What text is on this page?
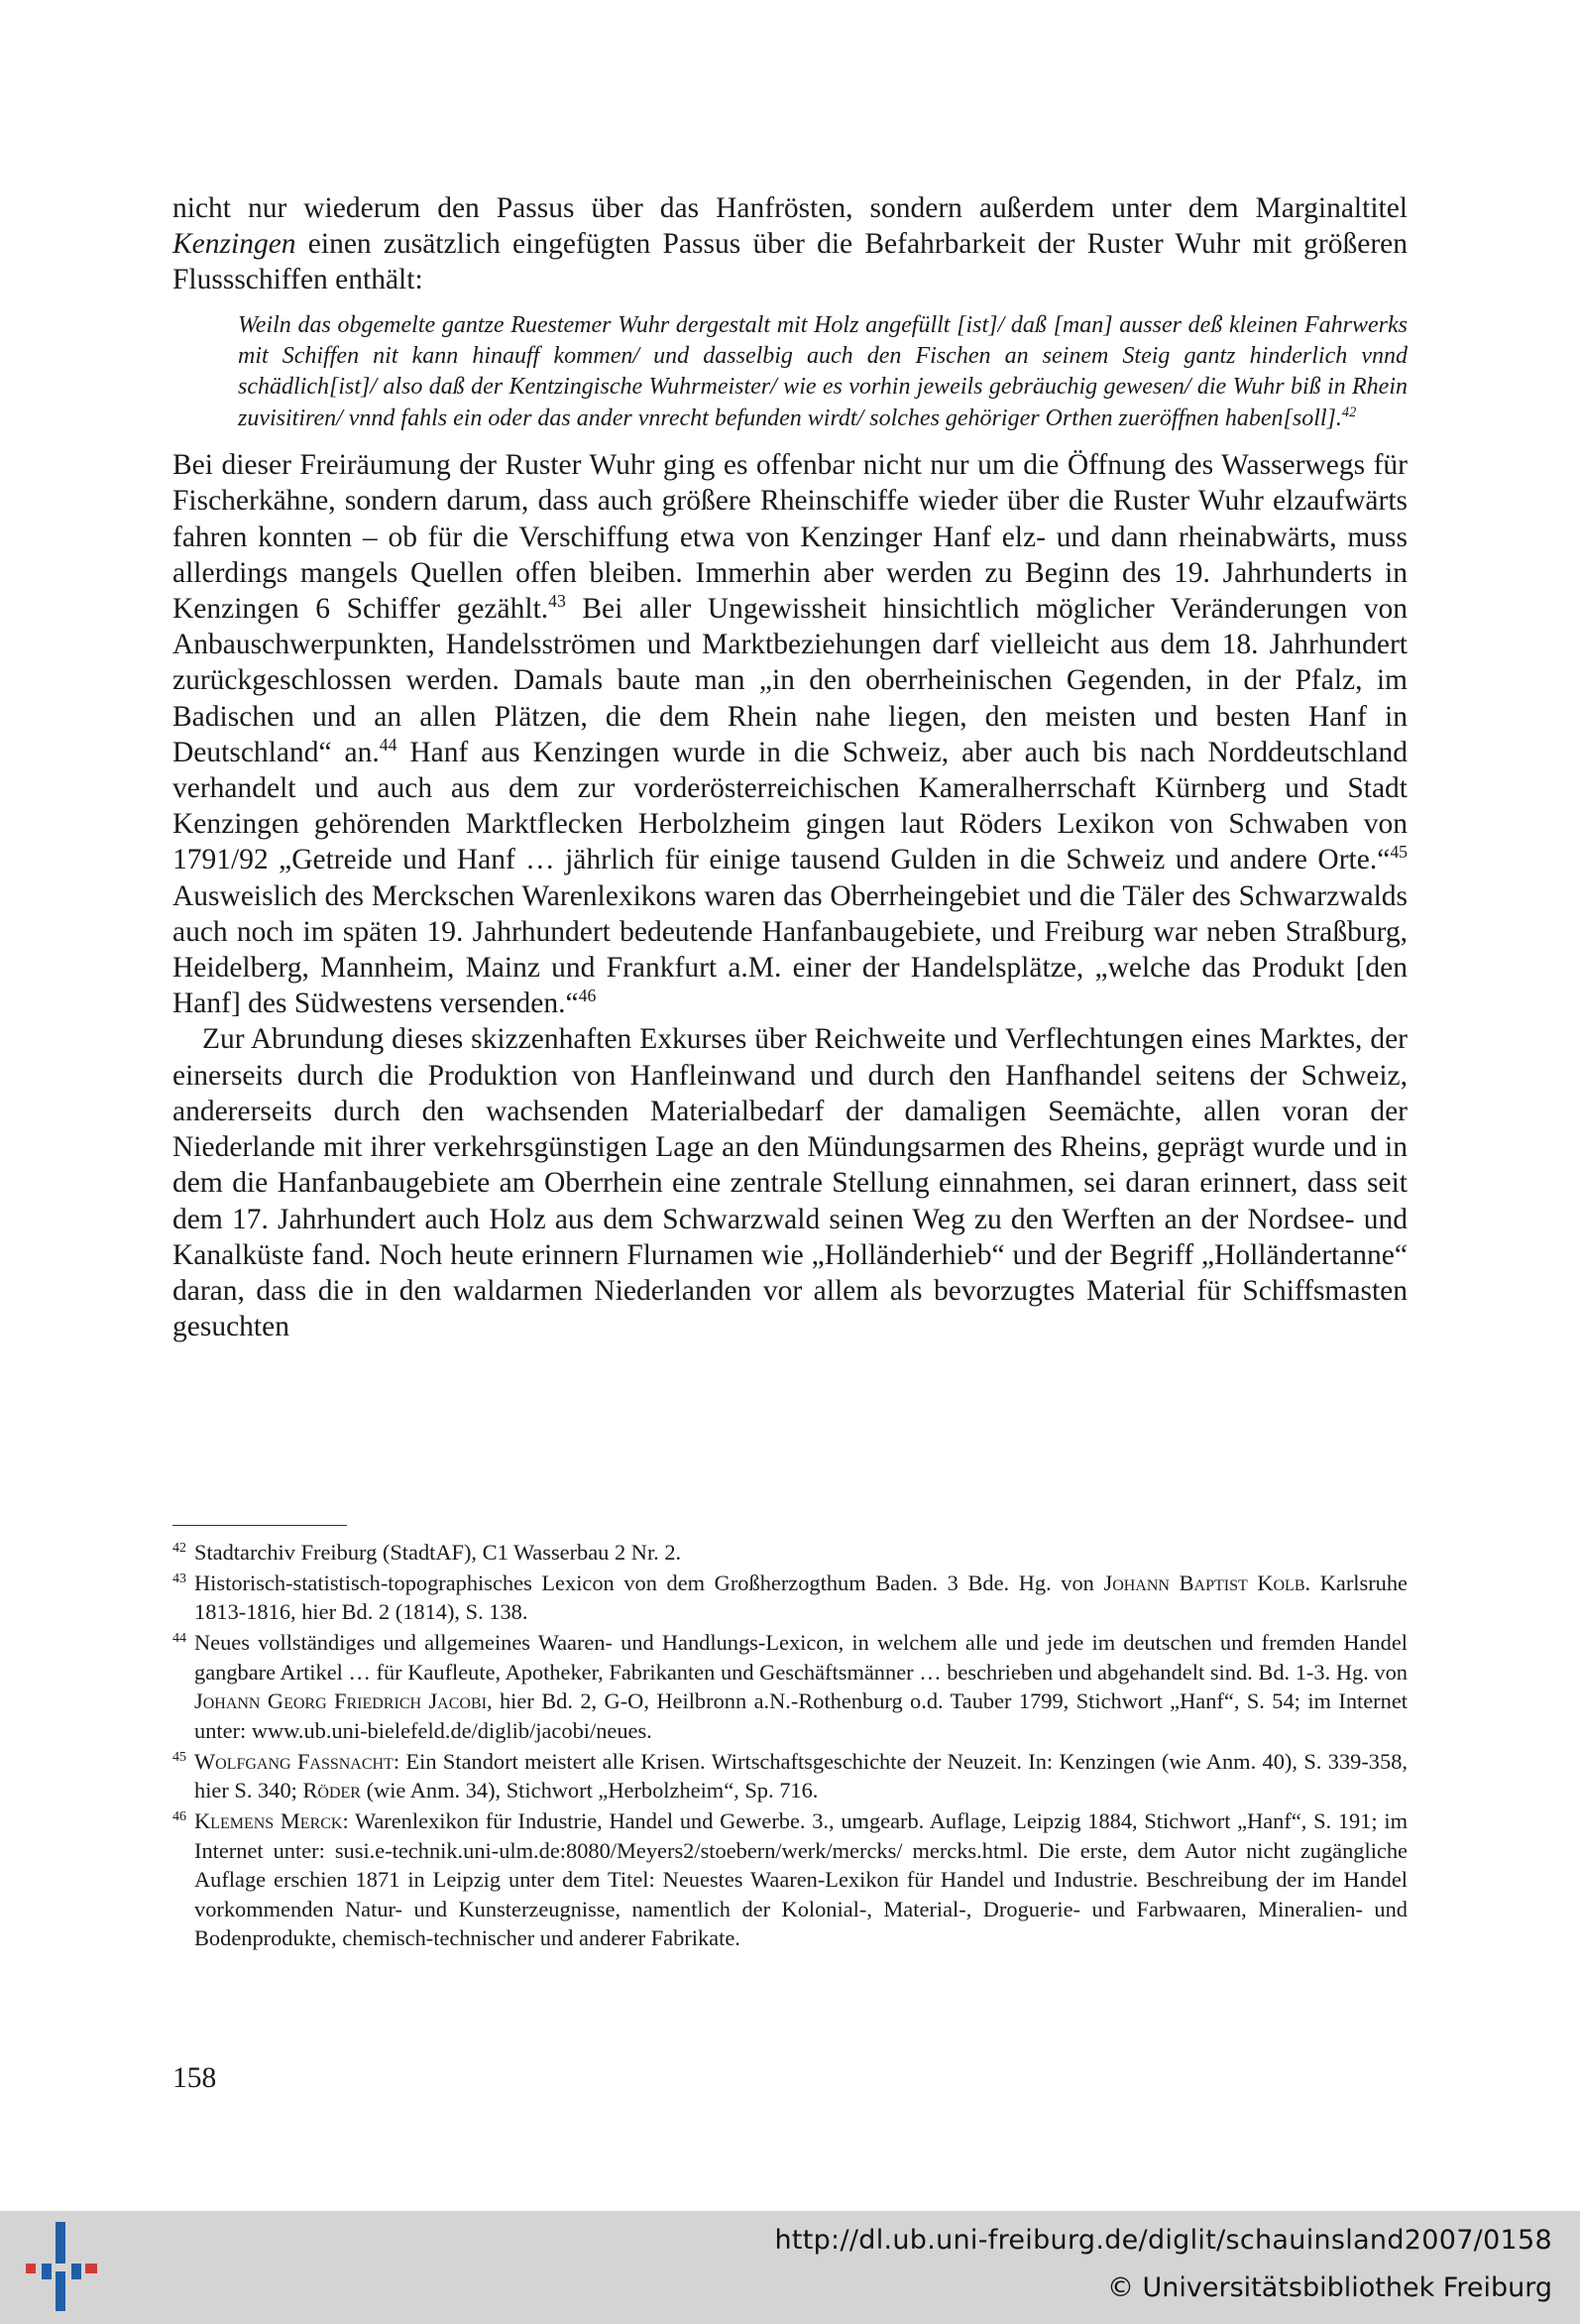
nicht nur wiederum den Passus über das Hanfrösten, sondern außerdem unter dem Marginaltitel Kenzingen einen zusätzlich eingefügten Passus über die Befahrbarkeit der Ruster Wuhr mit größeren Flussschiffen enthält:

Weiln das obgemelte gantze Ruestemer Wuhr dergestalt mit Holz angefüllt [ist]/ daß [man] ausser deß kleinen Fahrwerks mit Schiffen nit kann hinauff kommen/ und dasselbig auch den Fischen an seinem Steig gantz hinderlich vnnd schädlich[ist]/ also daß der Kentzingische Wuhrmeister/ wie es vorhin jeweils gebräuchig gewesen/ die Wuhr biß in Rhein zuvisitiren/ vnnd fahls ein oder das ander vnrecht befunden wirdt/ solches gehöriger Orthen zueröffnen haben[soll].$^{42}$

Bei dieser Freiräumung der Ruster Wuhr ging es offenbar nicht nur um die Öffnung des Wasserwegs für Fischerkähne, sondern darum, dass auch größere Rheinschiffe wieder über die Ruster Wuhr elzaufwärts fahren konnten – ob für die Verschiffung etwa von Kenzinger Hanf elz- und dann rheinabwärts, muss allerdings mangels Quellen offen bleiben. Immerhin aber werden zu Beginn des 19. Jahrhunderts in Kenzingen 6 Schiffer gezählt.$^{43}$ Bei aller Ungewissheit hinsichtlich möglicher Veränderungen von Anbauschwerpunkten, Handelsströmen und Marktbeziehungen darf vielleicht aus dem 18. Jahrhundert zurückgeschlossen werden. Damals baute man „in den oberrheinischen Gegenden, in der Pfalz, im Badischen und an allen Plätzen, die dem Rhein nahe liegen, den meisten und besten Hanf in Deutschland“ an.$^{44}$ Hanf aus Kenzingen wurde in die Schweiz, aber auch bis nach Norddeutschland verhandelt und auch aus dem zur vorderösterreichischen Kameralherrschaft Kürnberg und Stadt Kenzingen gehörenden Marktflecken Herbolzheim gingen laut Röders Lexikon von Schwaben von 1791/92 „Getreide und Hanf … jährlich für einige tausend Gulden in die Schweiz und andere Orte.“$^{45}$ Ausweislich des Merckschen Warenlexikons waren das Oberrheingebiet und die Täler des Schwarzwalds auch noch im späten 19. Jahrhundert bedeutende Hanfanbaugebiete, und Freiburg war neben Straßburg, Heidelberg, Mannheim, Mainz und Frankfurt a.M. einer der Handelsplätze, „welche das Produkt [den Hanf] des Südwestens versenden.“$^{46}$

Zur Abrundung dieses skizzenhaften Exkurses über Reichweite und Verflechtungen eines Marktes, der einerseits durch die Produktion von Hanfleinwand und durch den Hanfhandel seitens der Schweiz, andererseits durch den wachsenden Materialbedarf der damaligen Seemächte, allen voran der Niederlande mit ihrer verkehrsgünstigen Lage an den Mündungsarmen des Rheins, geprägt wurde und in dem die Hanfanbaugebiete am Oberrhein eine zentrale Stellung einnahmen, sei daran erinnert, dass seit dem 17. Jahrhundert auch Holz aus dem Schwarzwald seinen Weg zu den Werften an der Nordsee- und Kanalküste fand. Noch heute erinnern Flurnamen wie „Holländerhieb“ und der Begriff „Holländertanne“ daran, dass die in den waldarmen Niederlanden vor allem als bevorzugtes Material für Schiffsmasten gesuchten

42 Stadtarchiv Freiburg (StadtAF), C1 Wasserbau 2 Nr. 2.

43 Historisch-statistisch-topographisches Lexicon von dem Großherzogthum Baden. 3 Bde. Hg. von Johann Baptist Kolb. Karlsruhe 1813-1816, hier Bd. 2 (1814), S. 138.

44 Neues vollständiges und allgemeines Waaren- und Handlungs-Lexicon, in welchem alle und jede im deutschen und fremden Handel gangbare Artikel … für Kaufleute, Apotheker, Fabrikanten und Geschäftsmänner … beschrieben und abgehandelt sind. Bd. 1-3. Hg. von Johann Georg Friedrich Jacobi, hier Bd. 2, G-O, Heilbronn a.N.-Rothenburg o.d. Tauber 1799, Stichwort „Hanf“, S. 54; im Internet unter: www.ub.uni-bielefeld.de/diglib/jacobi/neues.

45 Wolfgang Faßnacht: Ein Standort meistert alle Krisen. Wirtschaftsgeschichte der Neuzeit. In: Kenzingen (wie Anm. 40), S. 339-358, hier S. 340; Röder (wie Anm. 34), Stichwort „Herbolzheim“, Sp. 716.

46 Klemens Merck: Warenlexikon für Industrie, Handel und Gewerbe. 3., umgearb. Auflage, Leipzig 1884, Stichwort „Hanf“, S. 191; im Internet unter: susi.e-technik.uni-ulm.de:8080/Meyers2/stoebern/werk/mercks/ mercks.html. Die erste, dem Autor nicht zugängliche Auflage erschien 1871 in Leipzig unter dem Titel: Neuestes Waaren-Lexikon für Handel und Industrie. Beschreibung der im Handel vorkommenden Natur- und Kunsterzeugnisse, namentlich der Kolonial-, Material-, Droguerie- und Farbwaaren, Mineralien- und Bodenprodukte, chemisch-technischer und anderer Fabrikate.

158
http://dl.ub.uni-freiburg.de/diglit/schauinsland2007/0158
© Universitätsbibliothek Freiburg
